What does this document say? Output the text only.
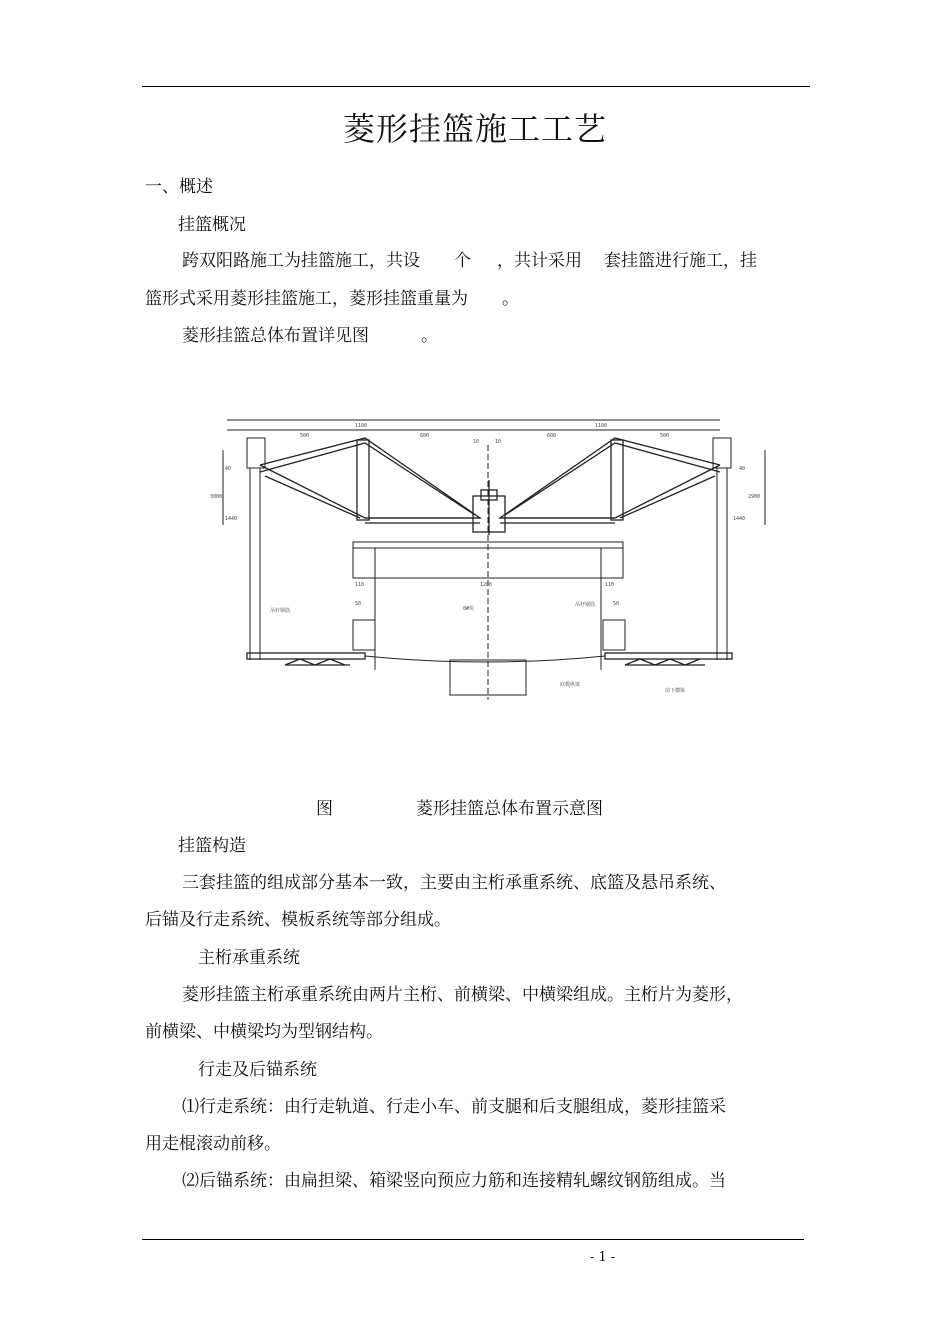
菱形挂篮施工工艺
一、概述
挂篮概况
跨双阳路施工为挂篮施工，共设 个 ，共计采用 套挂篮进行施工，挂
篮形式采用菱形挂篮施工，菱形挂篮重量为 。
菱形挂篮总体布置详见图	。
500
1100
600
10	10
600
1100
500
110	1200	110
0#块
40
3000
1440
40
2900
1440
50	50
吊杆钢筋
吊杆钢筋
底模纵梁
前下横梁
图	菱形挂篮总体布置示意图
挂篮构造
三套挂篮的组成部分基本一致，主要由主桁承重系统、底篮及悬吊系统、
后锚及行走系统、模板系统等部分组成。
主桁承重系统
菱形挂篮主桁承重系统由两片主桁、前横梁、中横梁组成。主桁片为菱形，
前横梁、中横梁均为型钢结构。
行走及后锚系统
⑴行走系统：由行走轨道、行走小车、前支腿和后支腿组成，菱形挂篮采
用走棍滚动前移。
⑵后锚系统：由扁担梁、箱梁竖向预应力筋和连接精轧螺纹钢筋组成。当
- 1 -
